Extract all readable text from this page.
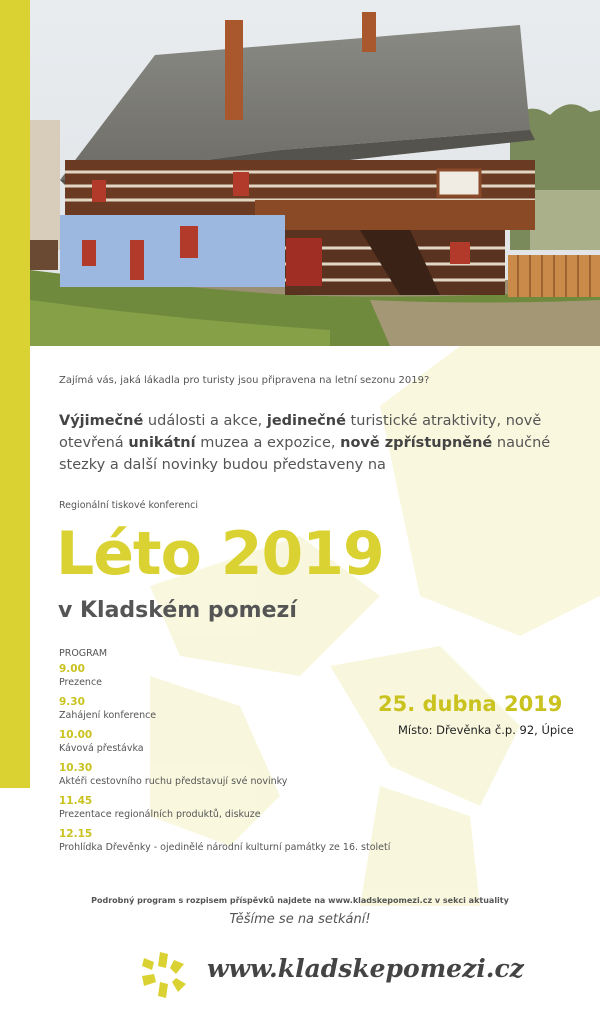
Zajímá vás, jaká lákadla pro turisty jsou připravena na letní sezonu 2019?
Výjimečné události a akce, jedinečné turistické atraktivity, nově otevřená unikátní muzea a expozice, nově zpřístupněné naučné stezky a další novinky budou představeny na
Regionální tiskové konferenci
Léto 2019
v Kladském pomezí
PROGRAM
9.00
Prezence
9.30
Zahájení konference
10.00
Kávová přestávka
10.30
Aktéři cestovního ruchu představují své novinky
11.45
Prezentace regionálních produktů, diskuze
12.15
Prohlídka Dřevěnky - ojedinělé národní kulturní památky ze 16. století
25. dubna 2019
Místo: Dřevěnka č.p. 92, Úpice
Podrobný program s rozpisem příspěvků najdete na www.kladskepomezi.cz v sekci aktuality
Těšíme se na setkání!
www.kladskepomezi.cz
